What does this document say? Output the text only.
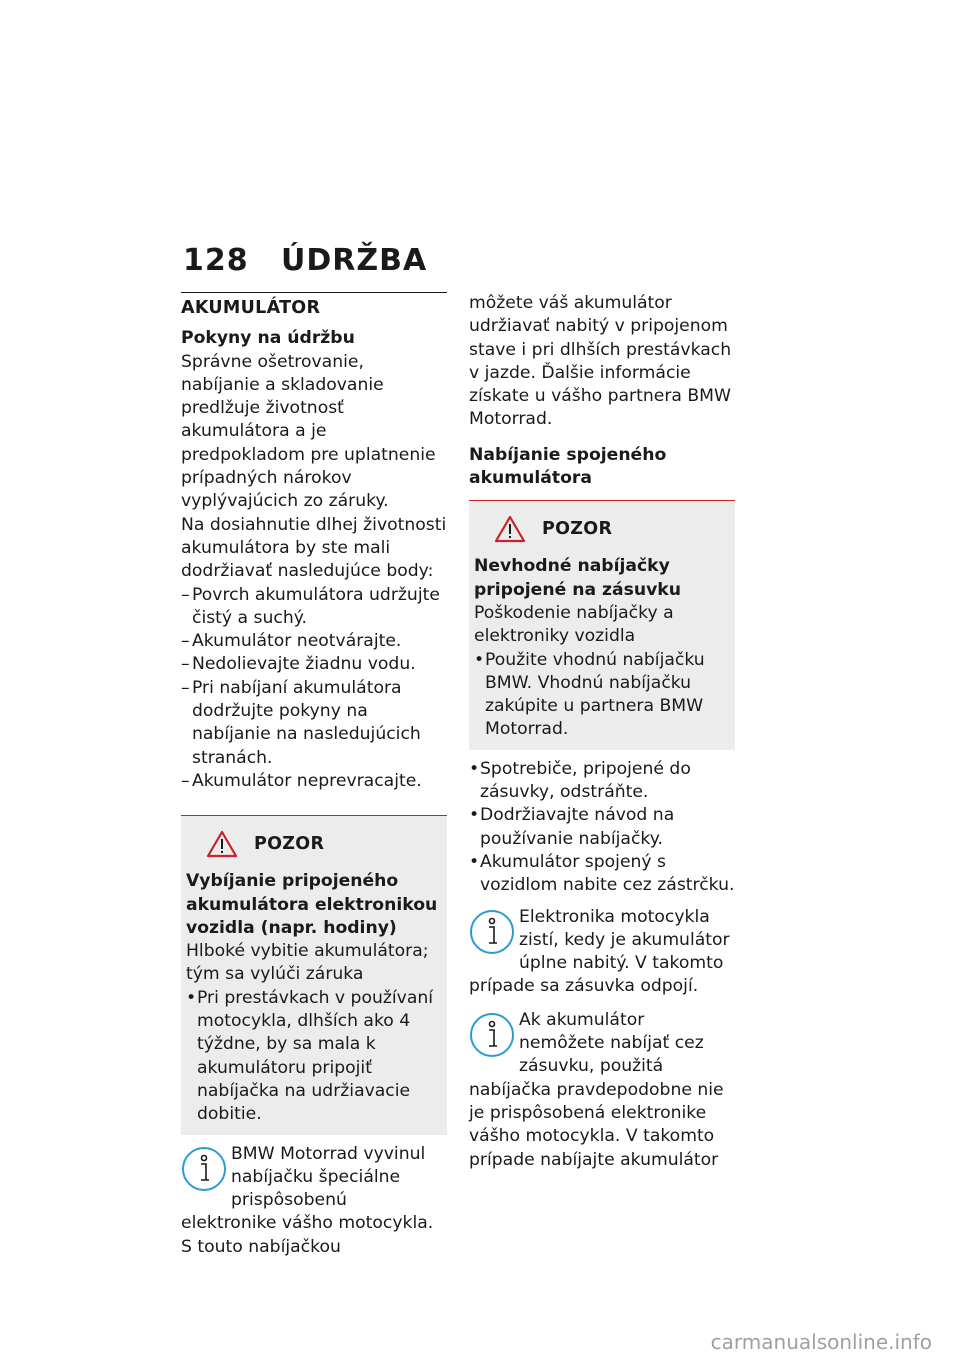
128 ÚDRŽBA
AKUMULÁTOR

Pokyny na údržbu

Správne ošetrovanie, nabíjanie a skladovanie predlžuje životnosť akumulátora a je predpokladom pre uplatnenie prípadných nárokov vyplývajúcich zo záruky.

Na dosiahnutie dlhej životnosti akumulátora by ste mali dodržiavať nasledujúce body:

– Povrch akumulátora udržujte čistý a suchý.
– Akumulátor neotvárajte.
– Nedolievajte žiadnu vodu.
– Pri nabíjaní akumulátora dodržujte pokyny na nabíjanie na nasledujúcich stranách.
– Akumulátor neprevracajte.
POZOR

Vybíjanie pripojeného akumulátora elektronikou vozidla (napr. hodiny)

Hlboké vybitie akumulátora; tým sa vylúči záruka

• Pri prestávkach v používaní motocykla, dlhších ako 4 týždne, by sa mala k akumulátoru pripojiť nabíjačka na udržiavacie dobitie.

BMW Motorrad vyvinul nabíjačku špeciálne prispôsobenú elektronike vášho motocykla. S touto nabíjačkou

môžete váš akumulátor udržiavať nabitý v pripojenom stave i pri dlhších prestávkach v jazde. Ďalšie informácie získate u vášho partnera BMW Motorrad.

Nabíjanie spojeného akumulátora

POZOR

Nevhodné nabíjačky pripojené na zásuvku

Poškodenie nabíjačky a elektroniky vozidla

• Použite vhodnú nabíjačku BMW. Vhodnú nabíjačku zakúpite u partnera BMW Motorrad.
• Spotrebiče, pripojené do zásuvky, odstráňte.
• Dodržiavajte návod na používanie nabíjačky.
• Akumulátor spojený s vozidlom nabite cez zástrčku.

Elektronika motocykla zistí, kedy je akumulátor úplne nabitý. V takomto prípade sa zásuvka odpojí.

Ak akumulátor nemôžete nabíjať cez zásuvku, použitá nabíjačka pravdepodobne nie je prispôsobená elektronike vášho motocykla. V takomto prípade nabíjajte akumulátor

carmanualsonline.info
